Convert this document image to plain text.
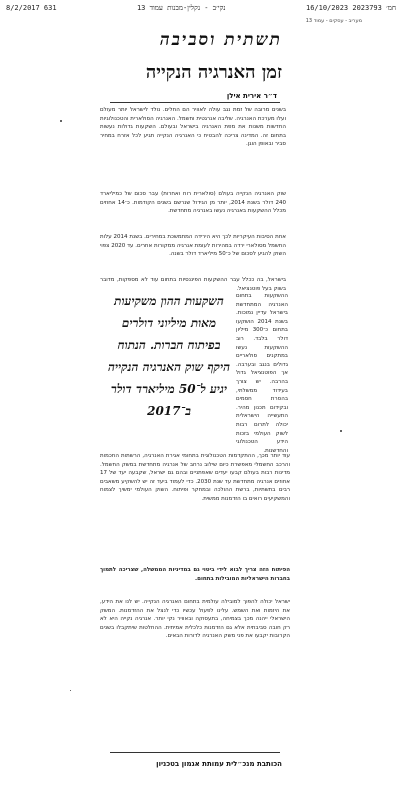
8/2/2017 631	נקי׳ב - נקלין-מבנות עמוד 13	חמ׳ 2023793 16/10/2023
מעריב - עסקים - עמוד 13
תשתית וסביבה
זמן האנרגיה הנקייה
ד״ר אירית אילן
בשנים מרובה של זמת נגב עולה לאוויר הם החלים. נולד לישראל יותר מעולם ועלו מערכת האנרגיה. שליבה אנרגטית וחשמל. האנרגיה הסולארית והטכנולוגיות החדשות משנות את מפת האנרגיה בישראל ובעולם. השקעות גדולות נעשות בתחום זה. המדינה צריכה להבטיח כי האנרגיה הנקייה תגיע לכל אזרח במחיר סביר ובאופן הוגן.
שוק האנרגיה הנקייה בעולם (סולארית רוח ואחרות) עבר סכום של כמיליארד 240 דולר בשנת 2014, יותר מן הגידול שנרשם בשנים הקודמות. כ־14 אחוזים מכלל ההשקעות באנרגיה נעשו באנרגיה מתחדשת.
אחת הסיבות העיקריות לכך היא הירידה המתמשכת במחירים. בשנת 2014 עלות החשמל מסולארי ירדה במהירות לעומת אנרגיה ממקורות אחרים. עד 2020 צפוי השוק להגיע לסכום של כ־50 מיליארד דולר בשנה.
בישראל, בה ככלל עבר ההשקעות הפיננסיות בתחום עוד לא מספקות, מדובר בשוק בעל פוטנציאל.
ההשקעות בתחום האנרגיה המתחדשת בישראל עדיין נמוכות. בשנת 2014 הושקעו בתחום כ־300 מיליון דולר בלבד. רוב ההשקעות נעשו במתקנים סולאריים גדולים בנגב ובערבה. אך הפוטנציאל גדול בהרבה. יש צורך בעידוד ממשלתי, בהסרת חסמים ובקידום תכנון מהיר. התעשייה הישראלית יכולה לתרום רבות לשוק העולמי בזכות הידע הטכנולוגי והחדשנות.
השקעות ההון משקיעות מאות מיליוני דולרים בפיתוח חברות. הנתוח היקף שוק האנרגיה הנקייה יגיע ל־50 מיליארד דולר ב־2017
עוד יותר מכך, ההתקדמות הטכנולוגית בתחומי אגירת האנרגיה, הרשתות החכמות והרכב החשמלי מאפשרת כיום שילוב נרחב של אנרגיה מתחדשת במשק החשמל. מדינות רבות בעולם קבעו יעדים שאפתניים ובהם גם ישראל, שקבעה יעד של 17 אחוזים אנרגיה מתחדשת עד שנת 2030. כדי לעמוד ביעד זה יש להשקיע משאבים רבים בתשתיות, ברשת ההולכה ובמחקר ופיתוח. השוק העולמי ימשיך לצמוח והמשקיעים רואים בו הזדמנות ממשית.
הפיתוח הזה צריך לבוא לידי ביטוי גם במדיניות הממשלה, שצריכה לתמוך בחברות הישראליות המובילות בתחום.
ישראל יכולה להפוך למובילה עולמית בתחום האנרגיה הנקייה. יש לנו את הידע, את היזמות ואת השמש. עלינו לפעול עכשיו כדי לנצל את ההזדמנות. המשק הישראלי ייהנה מכך בצמיחה, בתעסוקה ובאוויר נקי יותר. אנרגיה נקייה היא לא רק חובה סביבתית אלא גם הזדמנות כלכלית אמיתית. ההחלטות שיתקבלו בשנים הקרובות יקבעו את פני משק האנרגיה לדורות הבאים.
הכותבת מנכ״לית עמותת אגמון בטכניון
